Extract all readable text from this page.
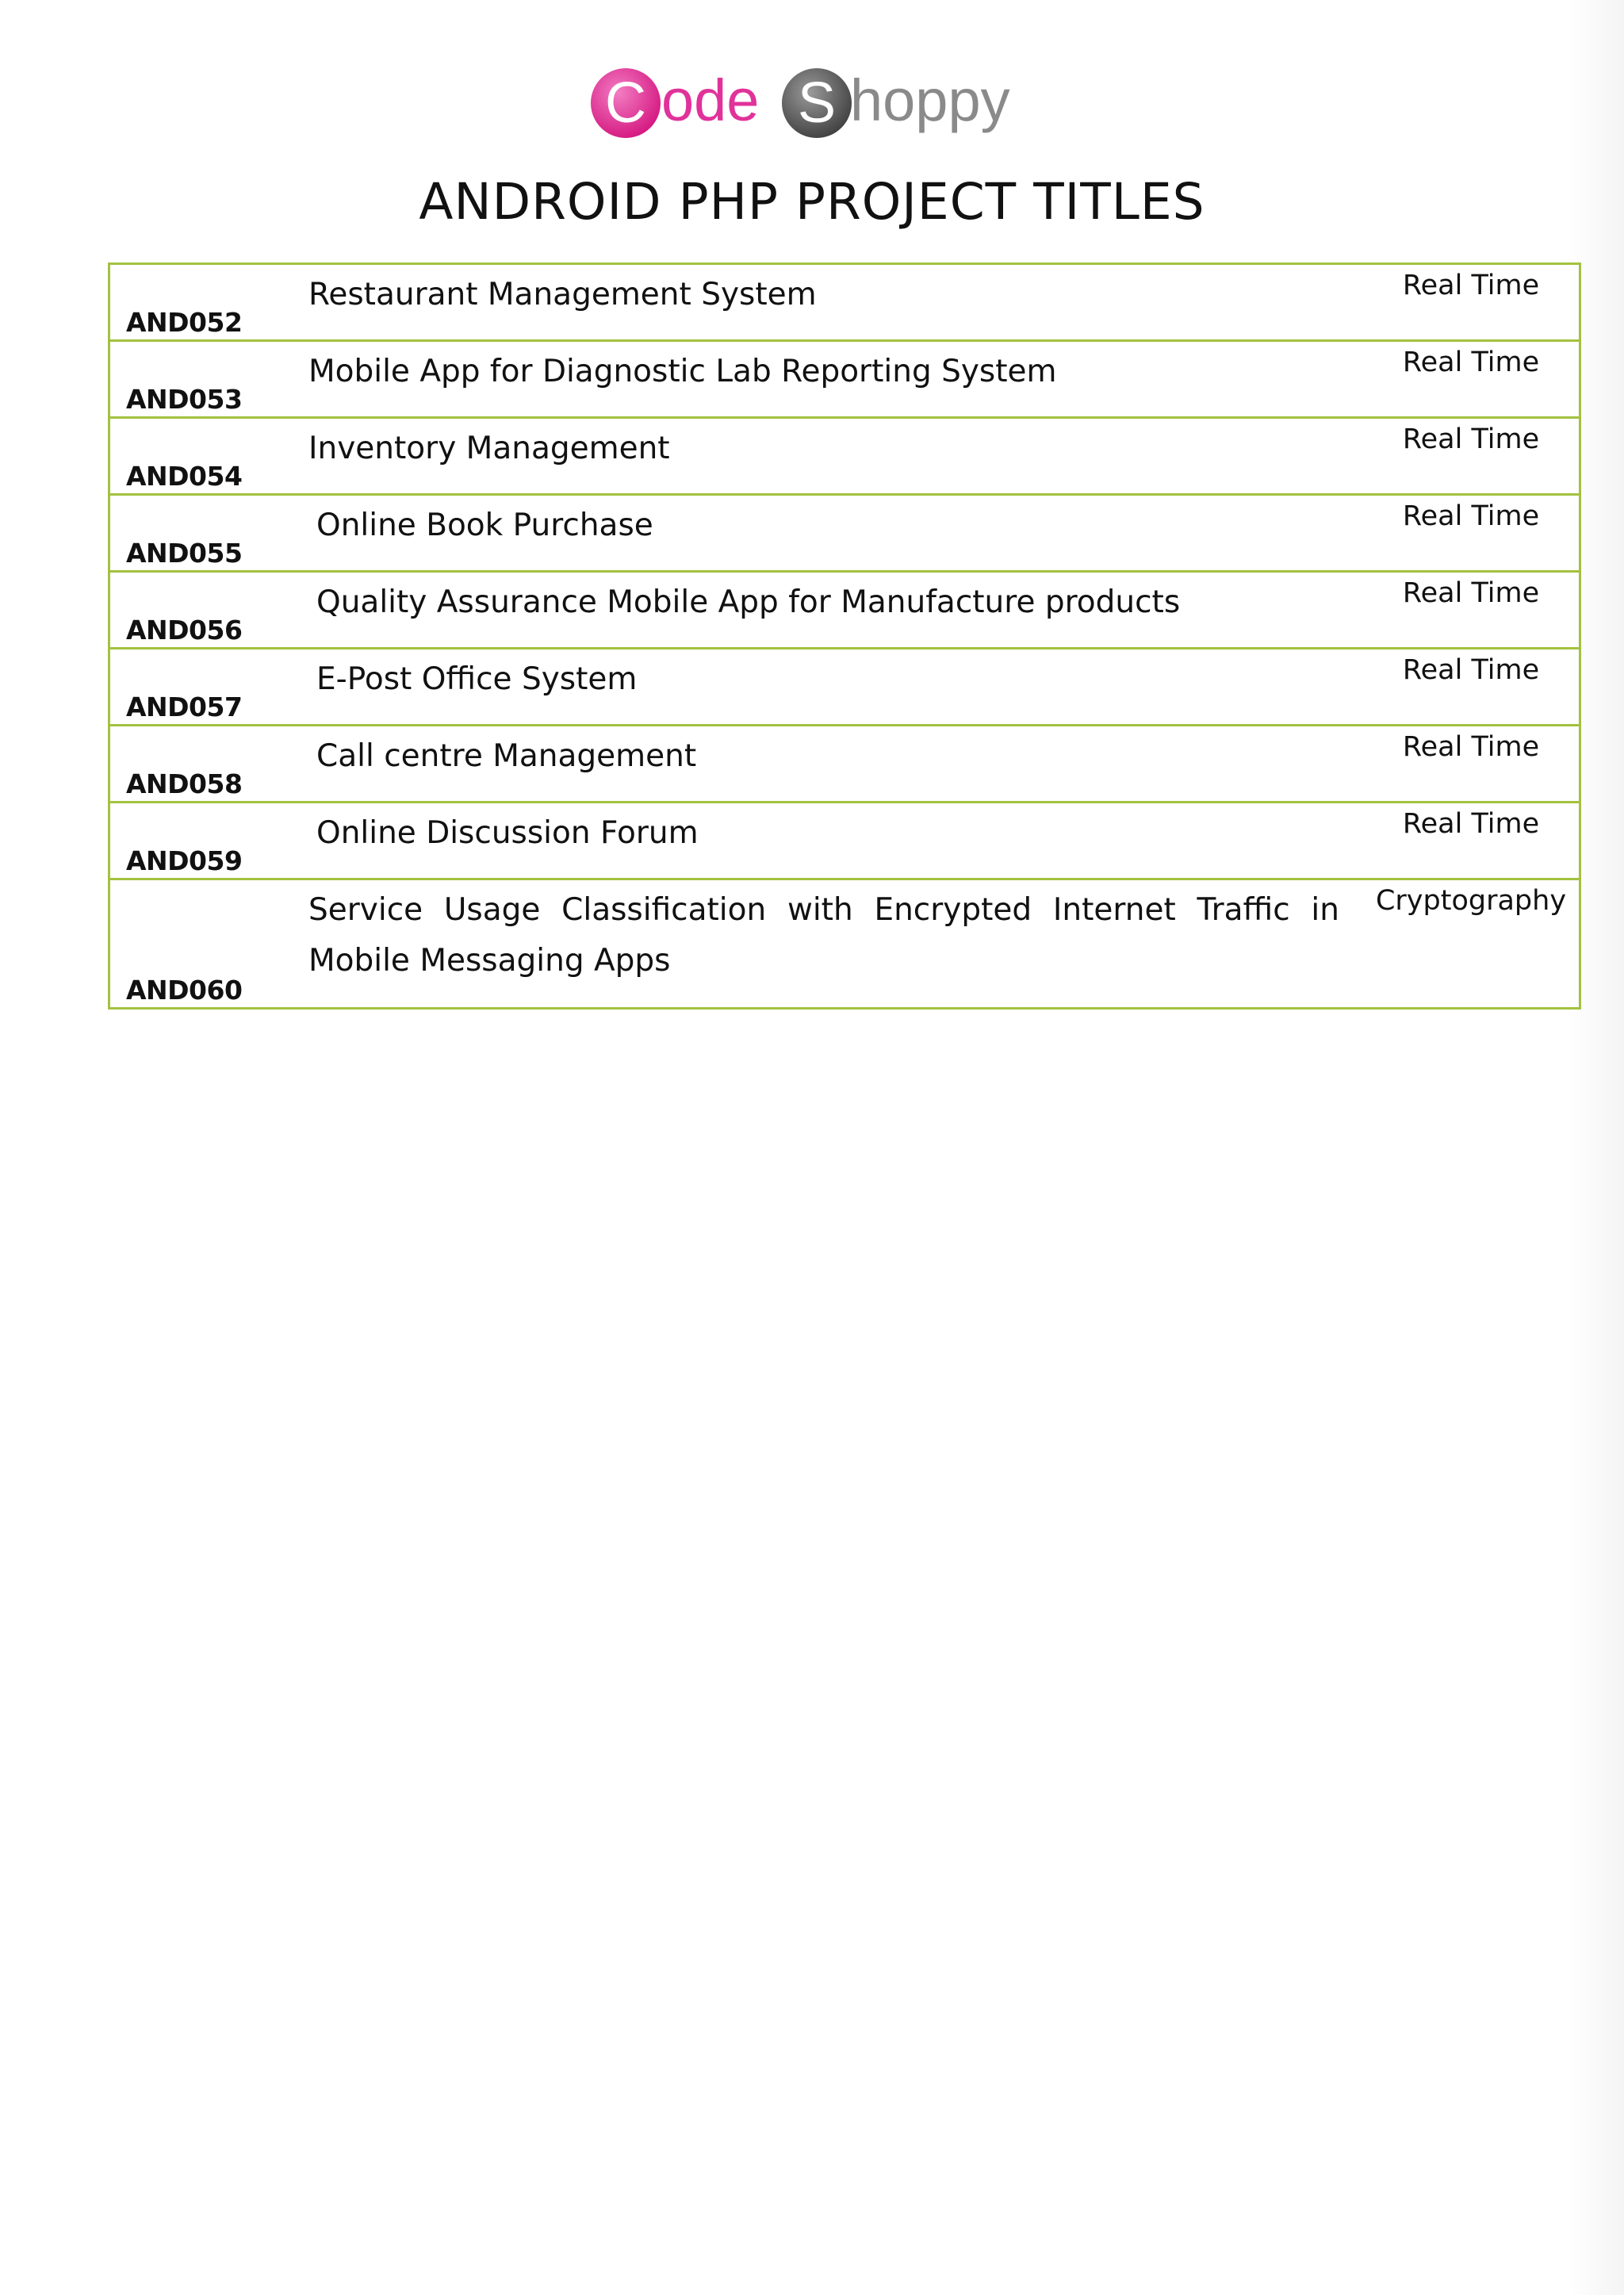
C ode S hoppy
ANDROID PHP PROJECT TITLES
AND052	Restaurant Management System	Real Time

AND053	Mobile App for Diagnostic Lab Reporting System	Real Time

AND054	Inventory Management	Real Time

AND055	Online Book Purchase	Real Time

AND056	Quality Assurance Mobile App for Manufacture products	Real Time

AND057	E-Post Office System	Real Time

AND058	Call centre Management	Real Time

AND059	Online Discussion Forum	Real Time

AND060	Service Usage Classification with Encrypted Internet Traffic in Mobile Messaging Apps	Cryptography
